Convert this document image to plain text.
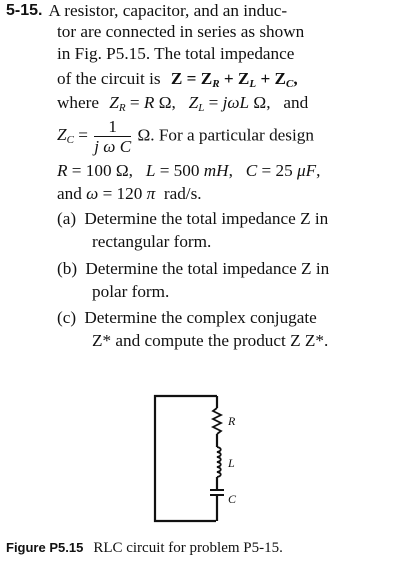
5-15. A resistor, capacitor, and an induc-
tor are connected in series as shown
in Fig. P5.15. The total impedance
of the circuit is $Z = Z_R + Z_L + Z_C$,
where $Z_R = R$ Ω,   $Z_L = j\omega L$ Ω,   and
$Z_C = \frac{1}{\text{j ω C}} \Omega$. For a particular design
R = 100 Ω,   L = 500 mH,   C = 25 μF,
and ω = 120 π  rad/s.
(a) Determine the total impedance Z in
rectangular form.
(b) Determine the total impedance Z in
polar form.
(c) Determine the complex conjugate
Z* and compute the product Z Z*.
R
L
C
Figure P5.15 RLC circuit for problem P5-15.
